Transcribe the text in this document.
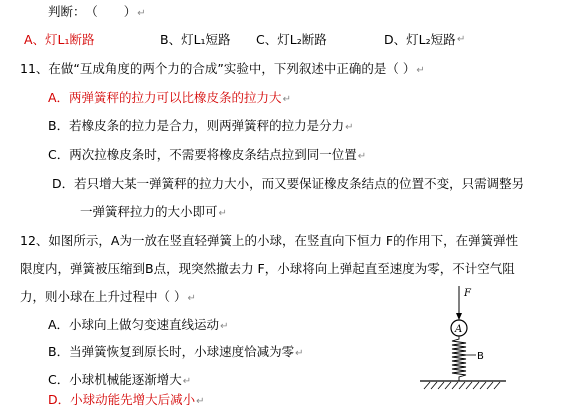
判断： （ ）↵
A、灯L₁断路	B、灯L₁短路 C、灯L₂断路	D、灯L₂短路 ↵
11、在做“互成角度的两个力的合成”实验中，下列叙述中正确的是（ ）↵
A．两弹簧秤的拉力可以比橡皮条的拉力大↵
B．若橡皮条的拉力是合力，则两弹簧秤的拉力是分力↵
C．两次拉橡皮条时，不需要将橡皮条结点拉到同一位置↵
D．若只增大某一弹簧秤的拉力大小，而又要保证橡皮条结点的位置不变，只需调整另
一弹簧秤拉力的大小即可↵
12、如图所示，A为一放在竖直轻弹簧上的小球，在竖直向下恒力 F的作用下，在弹簧弹性
限度内，弹簧被压缩到B点，现突然撤去力 F，小球将向上弹起直至速度为零，不计空气阻
力，则小球在上升过程中（ ）↵
A．小球向上做匀变速直线运动↵
B．当弹簧恢复到原长时，小球速度恰减为零↵
C．小球机械能逐渐增大↵
D．小球动能先增大后减小↵
F
A
B
